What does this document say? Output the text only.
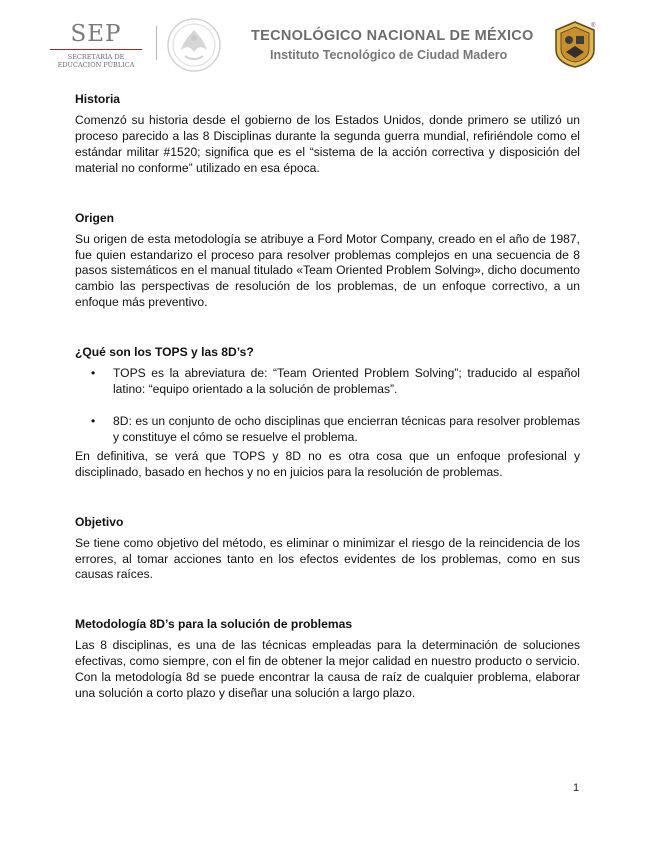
SEP
SECRETARÍA DE
EDUCACIÓN PÚBLICA
TECNOLÓGICO NACIONAL DE MÉXICO
Instituto Tecnológico de Ciudad Madero
®
Historia

Comenzó su historia desde el gobierno de los Estados Unidos, donde primero se utilizó un proceso parecido a las 8 Disciplinas durante la segunda guerra mundial, refiriéndole como el estándar militar #1520; significa que es el “sistema de la acción correctiva y disposición del material no conforme” utilizado en esa época.

Origen

Su origen de esta metodología se atribuye a Ford Motor Company, creado en el año de 1987, fue quien estandarizo el proceso para resolver problemas complejos en una secuencia de 8 pasos sistemáticos en el manual titulado «Team Oriented Problem Solving», dicho documento cambio las perspectivas de resolución de los problemas, de un enfoque correctivo, a un enfoque más preventivo.

¿Qué son los TOPS y las 8D’s?
• TOPS es la abreviatura de: “Team Oriented Problem Solving”; traducido al español latino: “equipo orientado a la solución de problemas”.
• 8D: es un conjunto de ocho disciplinas que encierran técnicas para resolver problemas y constituye el cómo se resuelve el problema.

En definitiva, se verá que TOPS y 8D no es otra cosa que un enfoque profesional y disciplinado, basado en hechos y no en juicios para la resolución de problemas.

Objetivo

Se tiene como objetivo del método, es eliminar o minimizar el riesgo de la reincidencia de los errores, al tomar acciones tanto en los efectos evidentes de los problemas, como en sus causas raíces.

Metodología 8D’s para la solución de problemas

Las 8 disciplinas, es una de las técnicas empleadas para la determinación de soluciones efectivas, como siempre, con el fin de obtener la mejor calidad en nuestro producto o servicio. Con la metodología 8d se puede encontrar la causa de raíz de cualquier problema, elaborar una solución a corto plazo y diseñar una solución a largo plazo.

1
